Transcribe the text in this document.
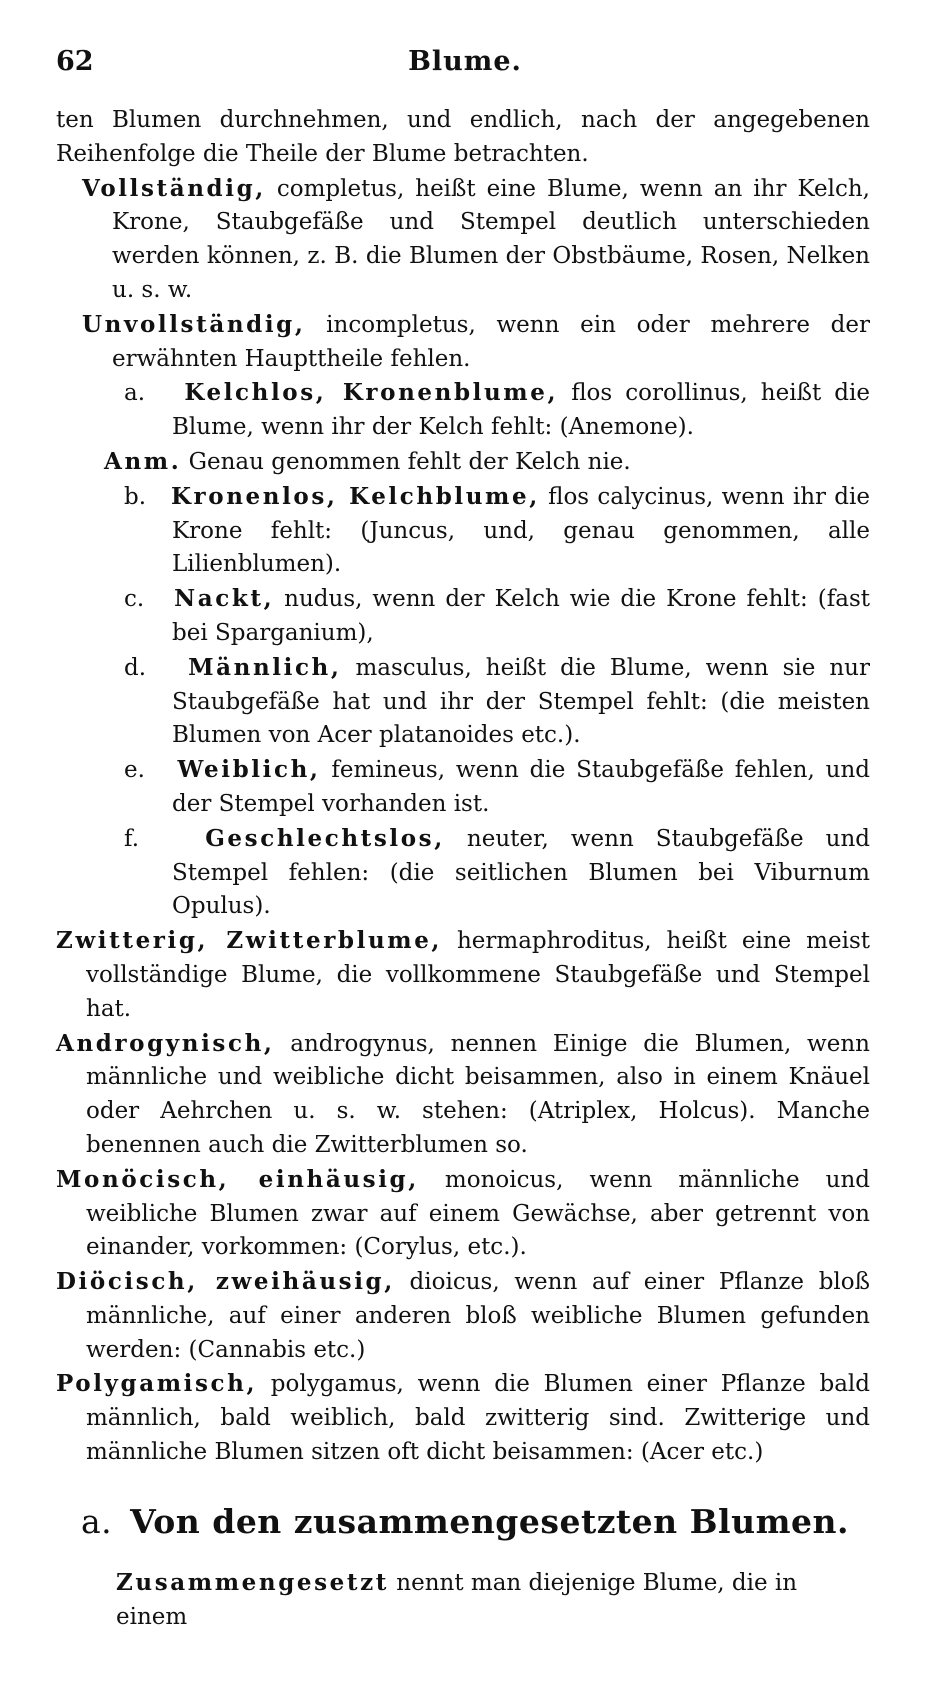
62	Blume.

ten Blumen durchnehmen, und endlich, nach der angegebenen Reihenfolge die Theile der Blume betrachten.

Vollständig, completus, heißt eine Blume, wenn an ihr Kelch, Krone, Staubgefäße und Stempel deutlich unterschieden werden können, z. B. die Blumen der Obstbäume, Rosen, Nelken u. s. w.

Unvollständig, incompletus, wenn ein oder mehrere der erwähnten Haupttheile fehlen.

a. Kelchlos, Kronenblume, flos corollinus, heißt die Blume, wenn ihr der Kelch fehlt: (Anemone).

Anm. Genau genommen fehlt der Kelch nie.

b. Kronenlos, Kelchblume, flos calycinus, wenn ihr die Krone fehlt: (Juncus, und, genau genommen, alle Lilienblumen).

c. Nackt, nudus, wenn der Kelch wie die Krone fehlt: (fast bei Sparganium),

d. Männlich, masculus, heißt die Blume, wenn sie nur Staubgefäße hat und ihr der Stempel fehlt: (die meisten Blumen von Acer platanoides etc.).

e. Weiblich, femineus, wenn die Staubgefäße fehlen, und der Stempel vorhanden ist.

f.	Geschlechtslos, neuter, wenn Staubgefäße und Stempel fehlen: (die seitlichen Blumen bei Viburnum Opulus).

Zwitterig, Zwitterblume, hermaphroditus, heißt eine meist vollständige Blume, die vollkommene Staubgefäße und Stempel hat.

Androgynisch, androgynus, nennen Einige die Blumen, wenn männliche und weibliche dicht beisammen, also in einem Knäuel oder Aehrchen u. s. w. stehen: (Atriplex, Holcus). Manche benennen auch die Zwitterblumen so.

Monöcisch, einhäusig, monoicus, wenn männliche und weibliche Blumen zwar auf einem Gewächse, aber getrennt von einander, vorkommen: (Corylus, etc.).

Diöcisch, zweihäusig, dioicus, wenn auf einer Pflanze bloß männliche, auf einer anderen bloß weibliche Blumen gefunden werden: (Cannabis etc.)

Polygamisch, polygamus, wenn die Blumen einer Pflanze bald männlich, bald weiblich, bald zwitterig sind. Zwitterige und männliche Blumen sitzen oft dicht beisammen: (Acer etc.)

a. Von den zusammengesetzten Blumen.
Zusammengesetzt nennt man diejenige Blume, die in einem
